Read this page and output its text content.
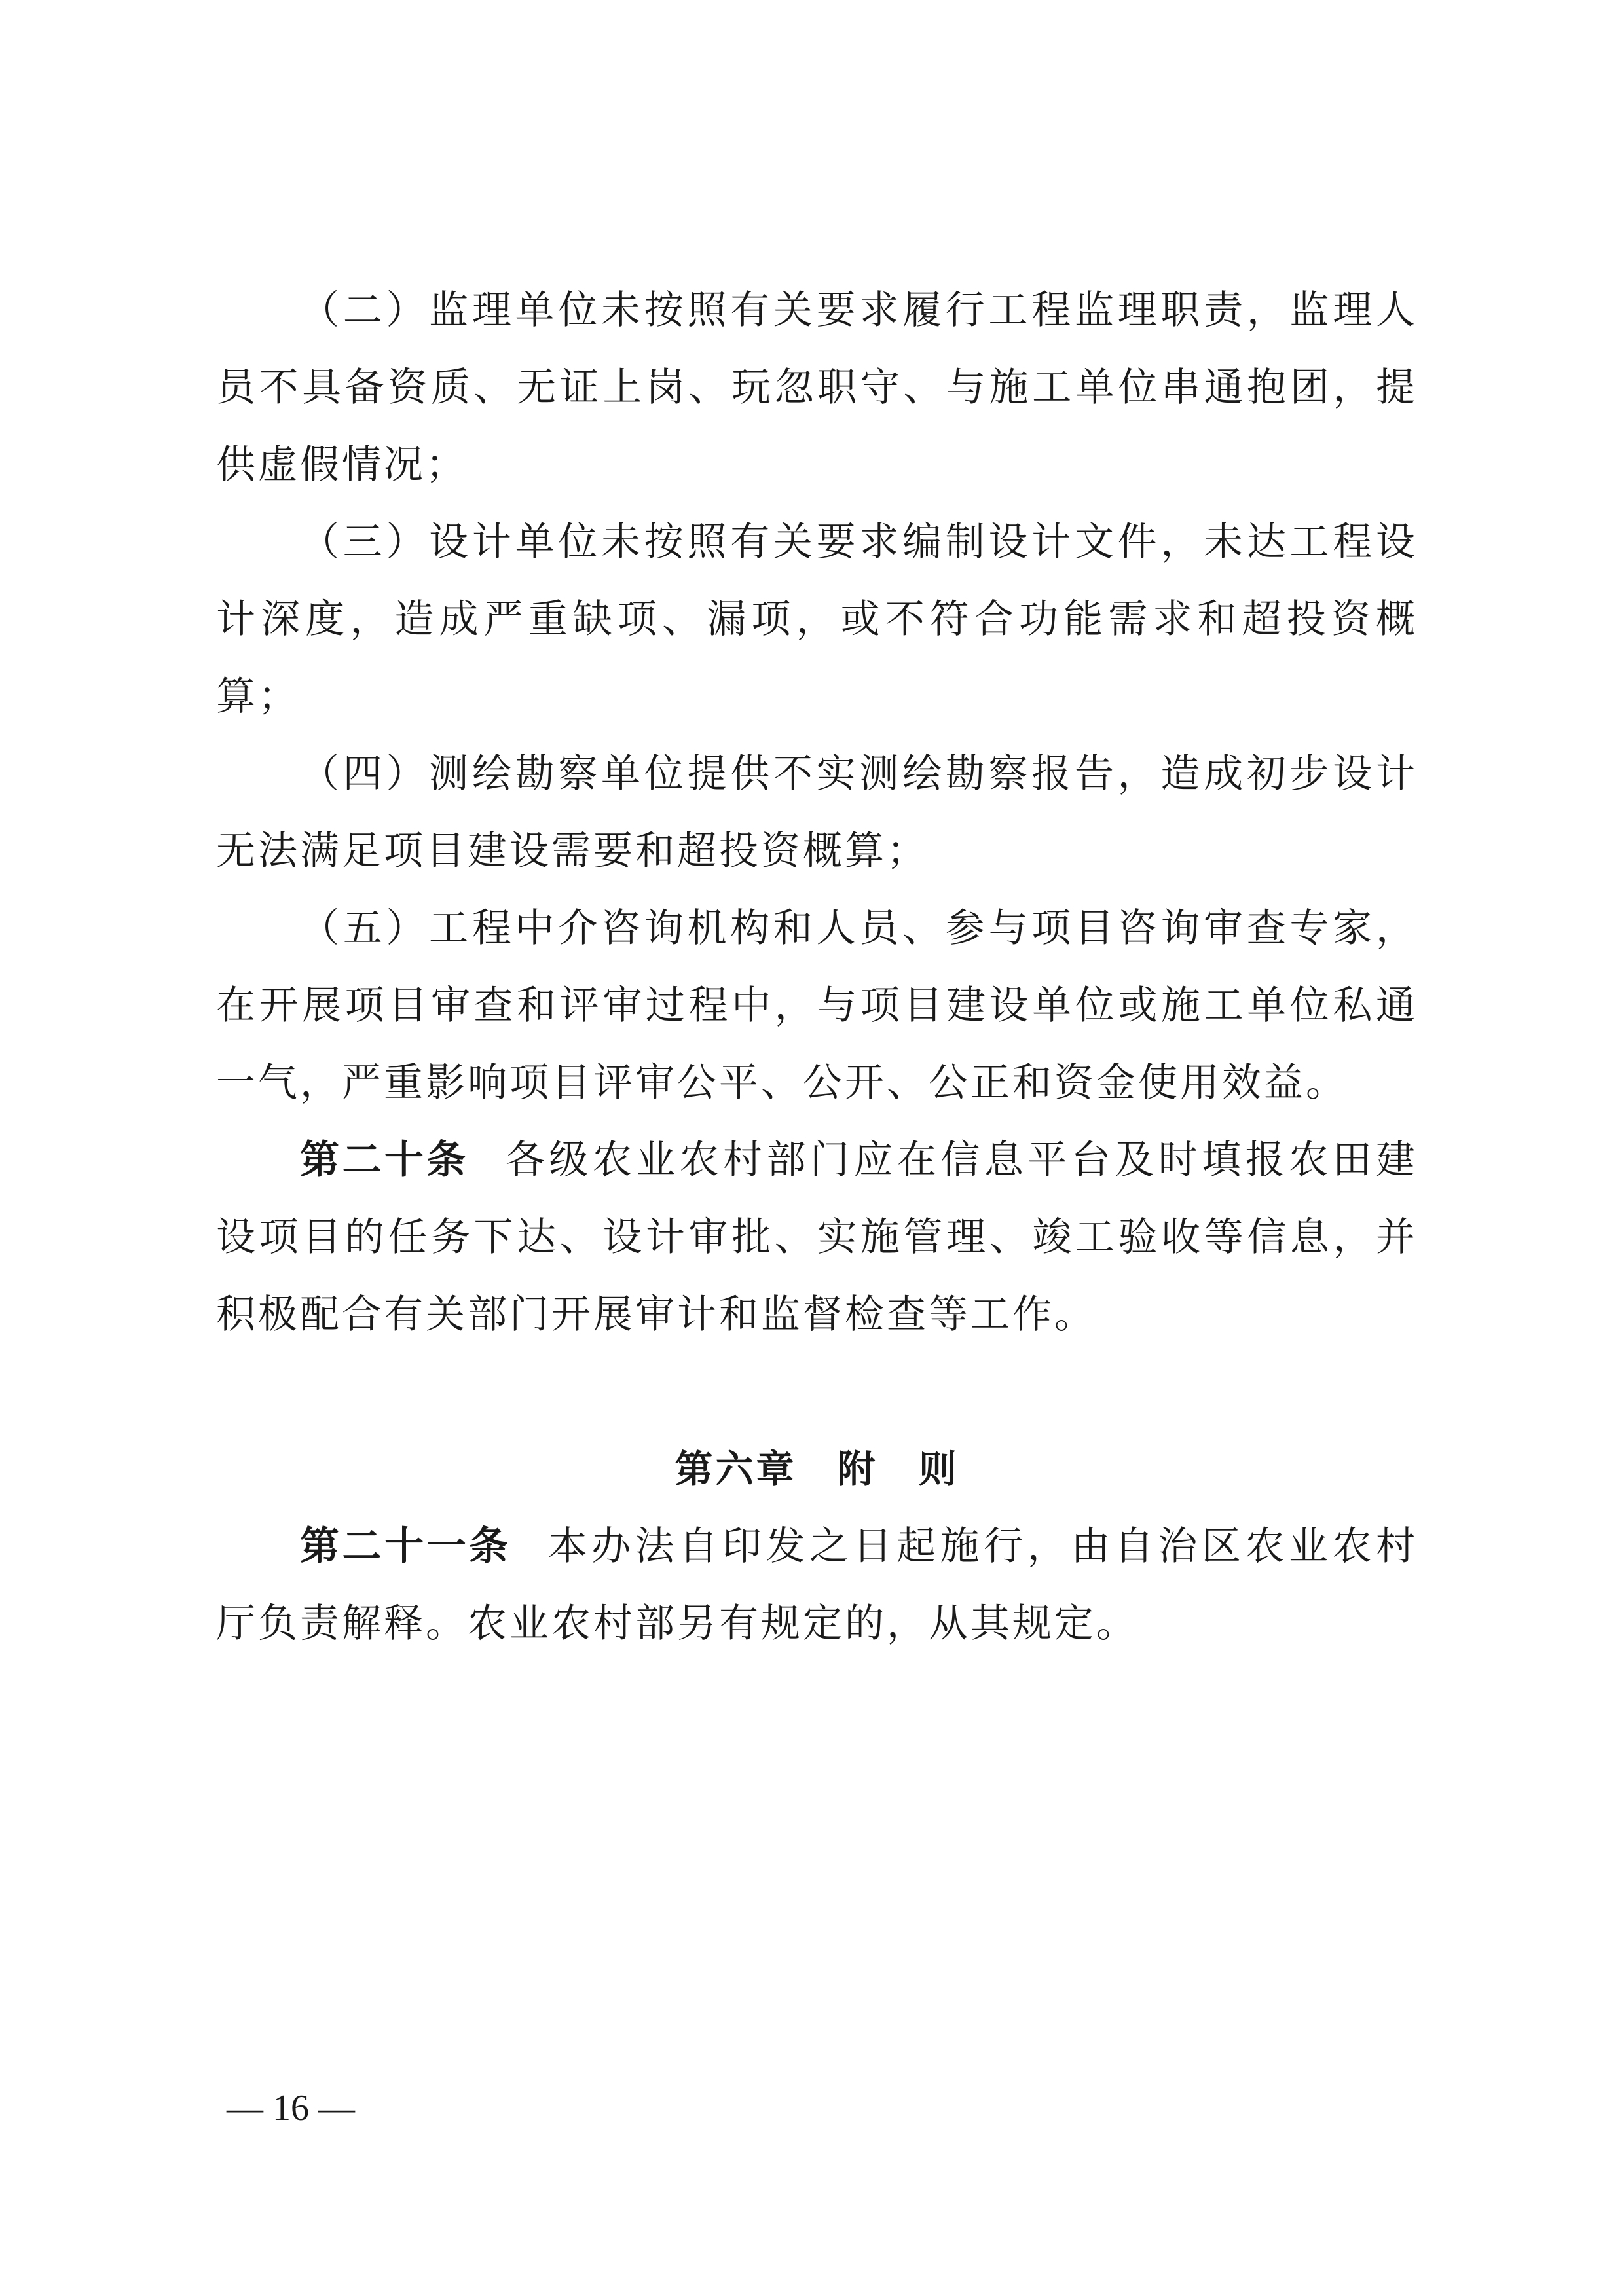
（二）监理单位未按照有关要求履行工程监理职责，监理人员不具备资质、无证上岗、玩忽职守、与施工单位串通抱团，提供虚假情况；

（三）设计单位未按照有关要求编制设计文件，未达工程设计深度，造成严重缺项、漏项，或不符合功能需求和超投资概算；

（四）测绘勘察单位提供不实测绘勘察报告，造成初步设计无法满足项目建设需要和超投资概算；

（五）工程中介咨询机构和人员、参与项目咨询审查专家，在开展项目审查和评审过程中，与项目建设单位或施工单位私通一气，严重影响项目评审公平、公开、公正和资金使用效益。

第二十条 各级农业农村部门应在信息平台及时填报农田建设项目的任务下达、设计审批、实施管理、竣工验收等信息，并积极配合有关部门开展审计和监督检查等工作。

第六章　附　则

第二十一条 本办法自印发之日起施行，由自治区农业农村厅负责解释。农业农村部另有规定的，从其规定。

— 16 —
